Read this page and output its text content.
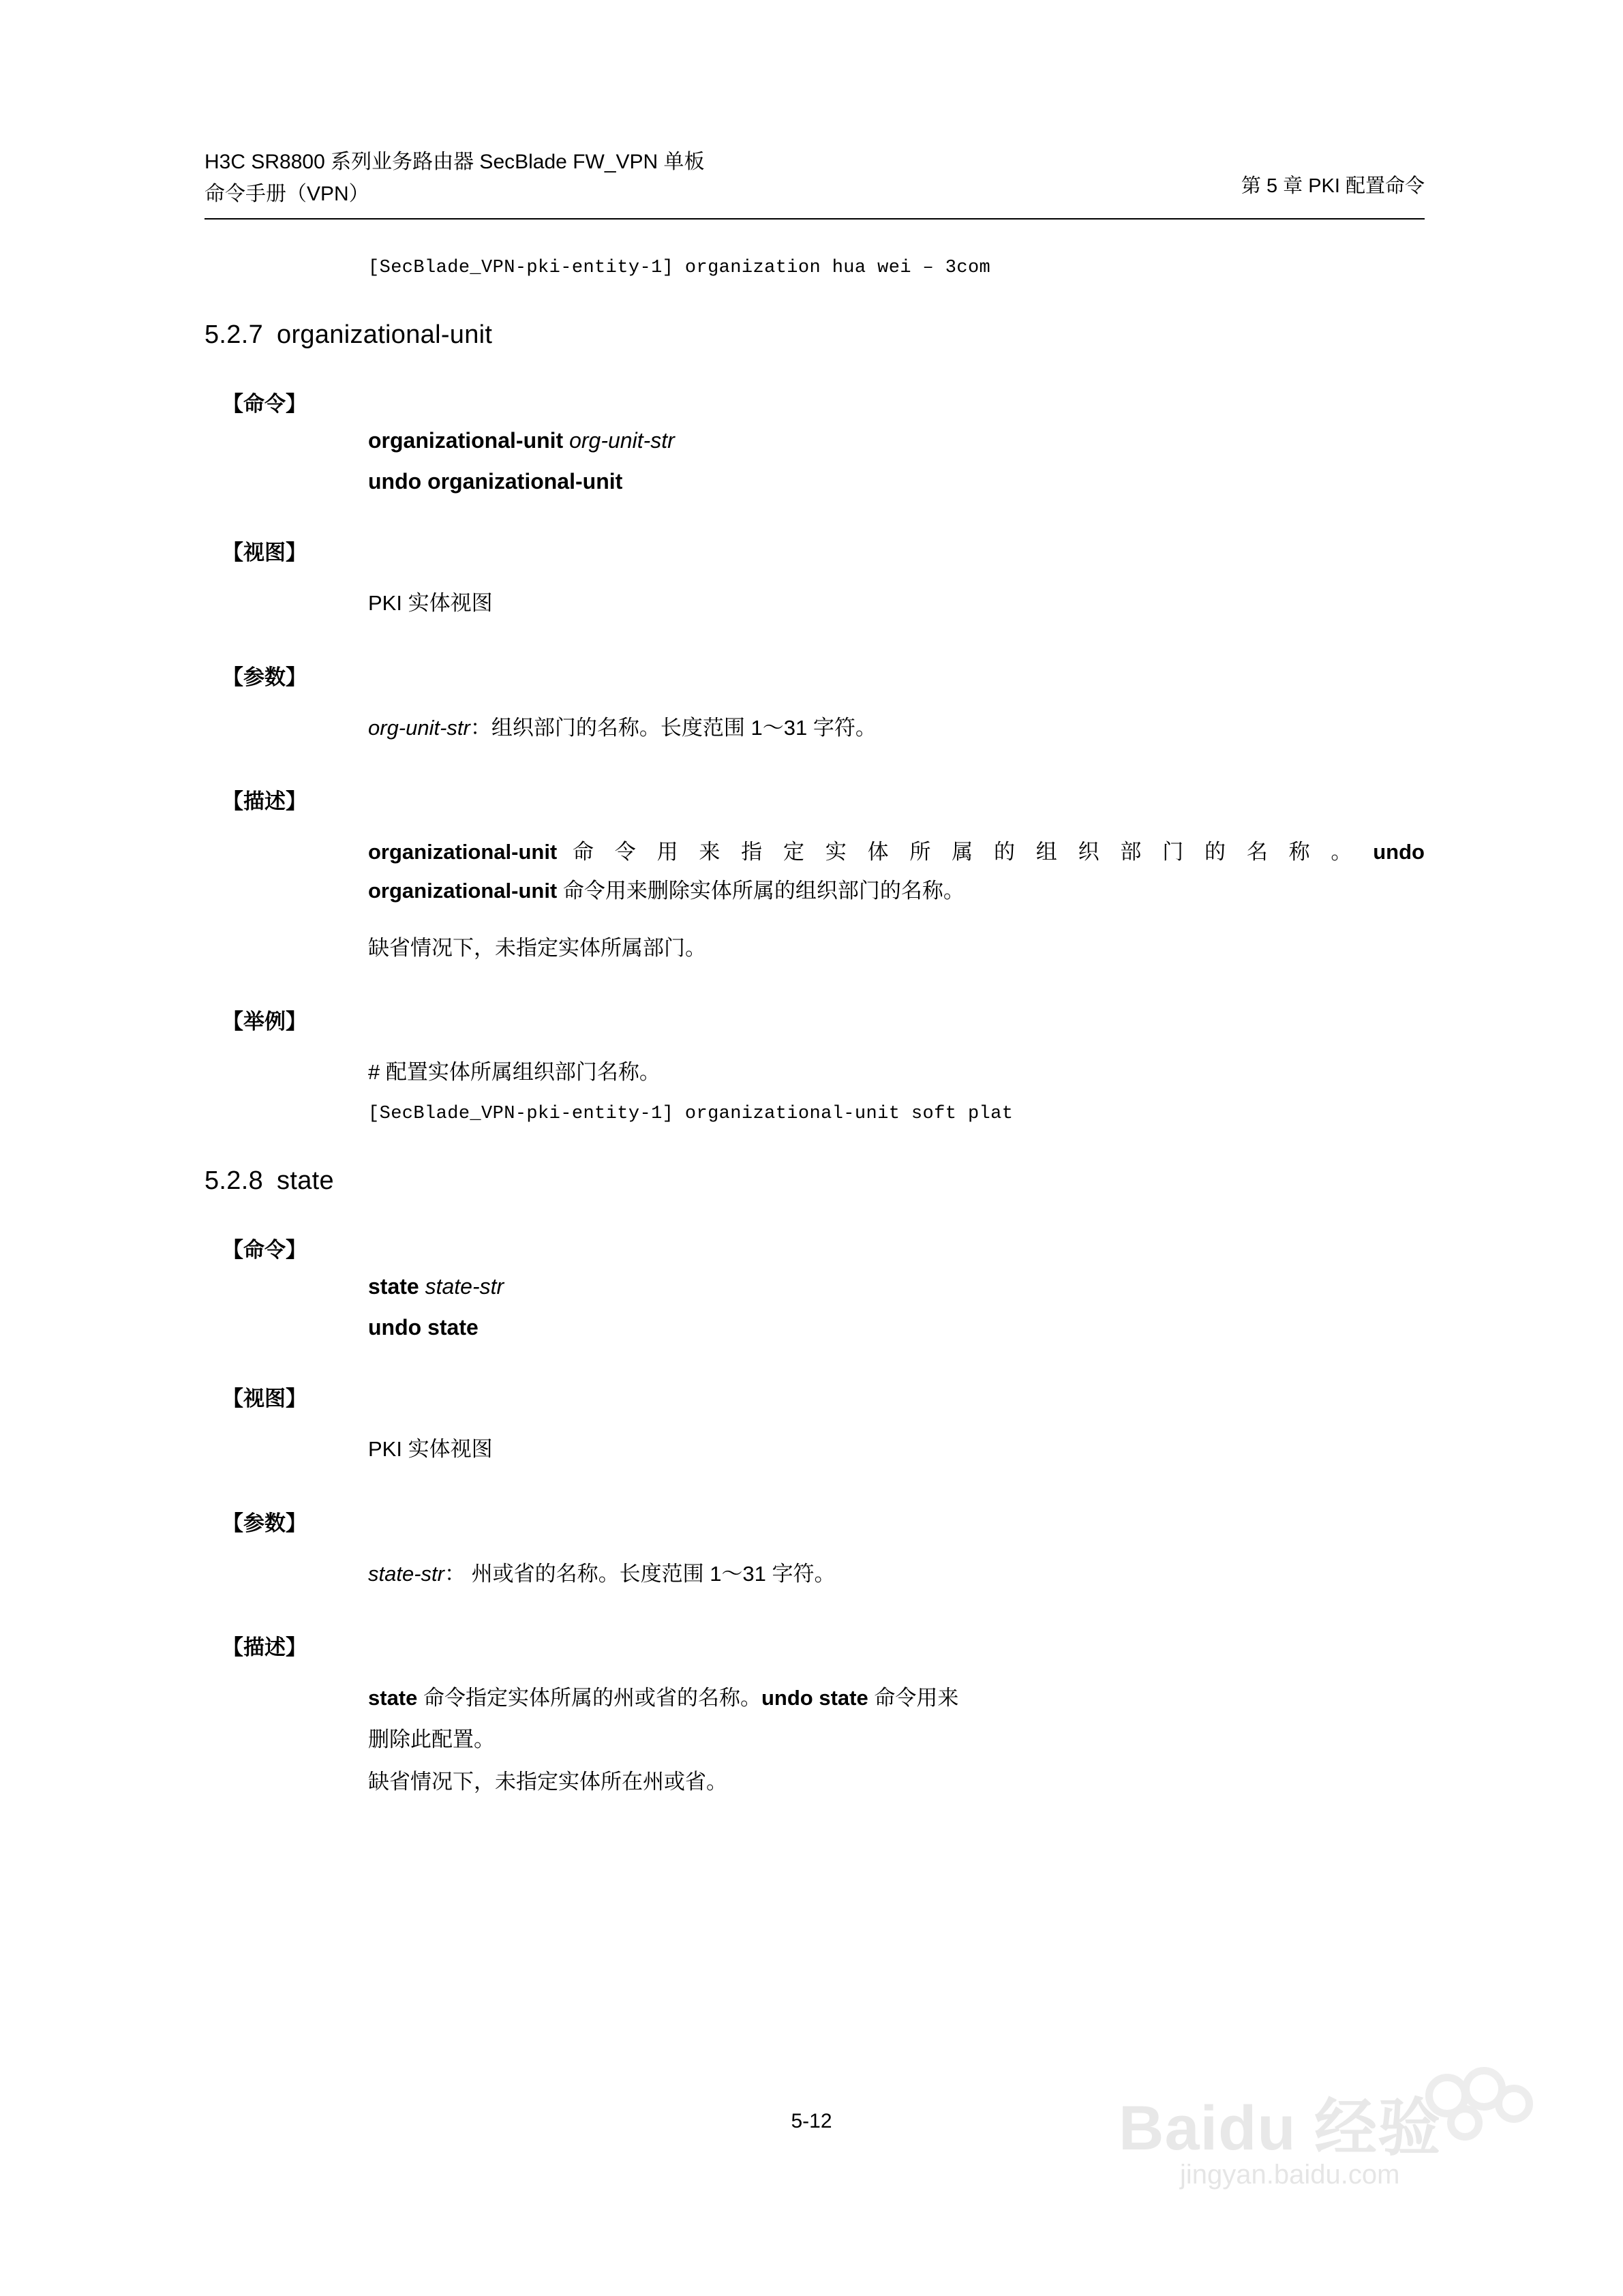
H3C SR8800 系列业务路由器 SecBlade FW_VPN 单板
命令手册（VPN）	第 5 章 PKI 配置命令
[SecBlade_VPN-pki-entity-1] organization hua wei – 3com
5.2.7 organizational-unit
【命令】
organizational-unit org-unit-str
undo organizational-unit
【视图】
PKI 实体视图
【参数】
org-unit-str：组织部门的名称。长度范围 1～31 字符。
【描述】
organizational-unit 命 令 用 来 指 定 实 体 所 属 的 组 织 部 门 的 名 称 。 undo organizational-unit 命令用来删除实体所属的组织部门的名称。
缺省情况下，未指定实体所属部门。
【举例】
# 配置实体所属组织部门名称。
[SecBlade_VPN-pki-entity-1] organizational-unit soft plat
5.2.8 state
【命令】
state state-str
undo state
【视图】
PKI 实体视图
【参数】
state-str： 州或省的名称。长度范围 1～31 字符。
【描述】
state 命令指定实体所属的州或省的名称。undo state 命令用来
删除此配置。
缺省情况下，未指定实体所在州或省。
5-12	Baidu 经验
jingyan.baidu.com
